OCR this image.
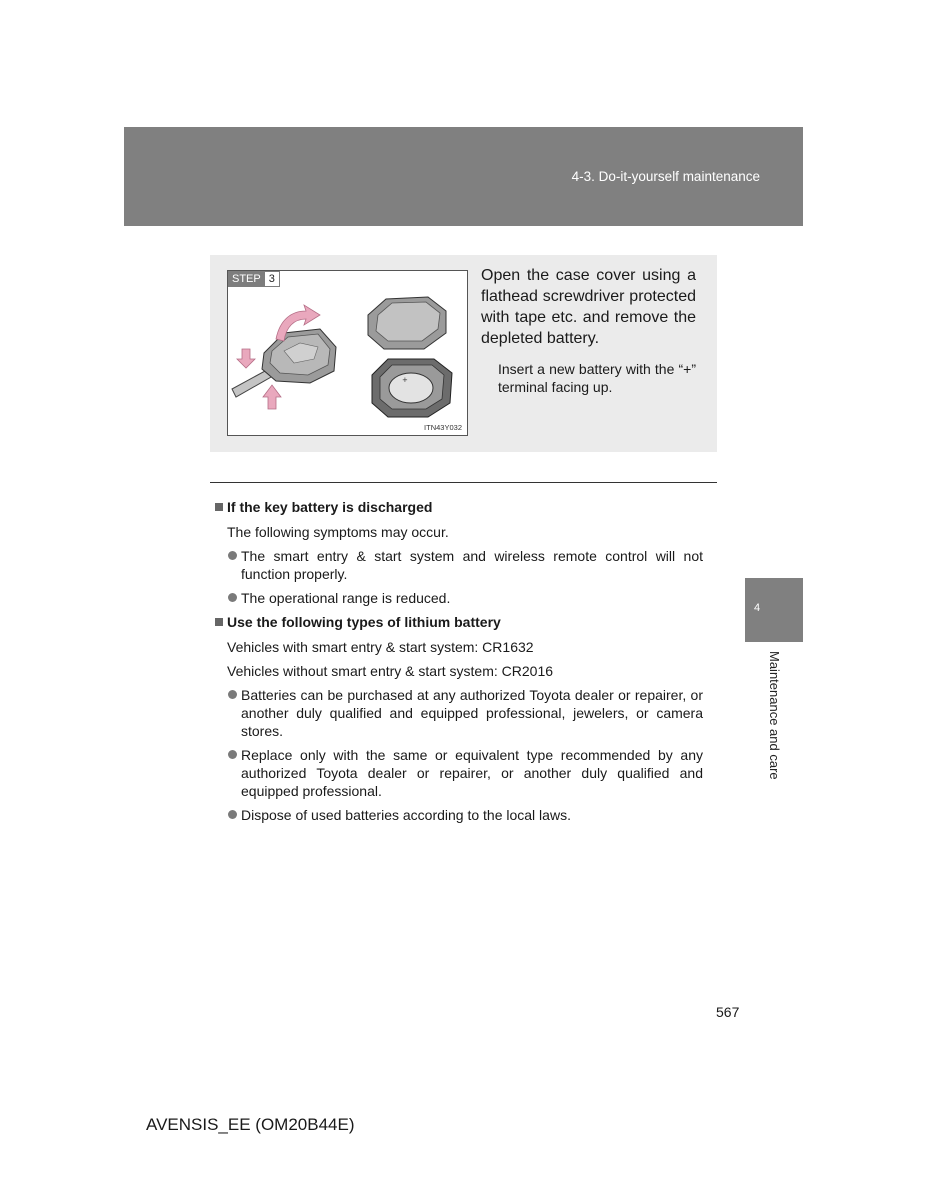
4-3. Do-it-yourself maintenance
STEP 3
+
ITN43Y032
Open the case cover using a flathead screwdriver protected with tape etc. and remove the depleted battery.
Insert a new battery with the “+” terminal facing up.
If the key battery is discharged
The following symptoms may occur.
The smart entry & start system and wireless remote control will not function properly.
The operational range is reduced.
Use the following types of lithium battery
Vehicles with smart entry & start system: CR1632
Vehicles without smart entry & start system: CR2016
Batteries can be purchased at any authorized Toyota dealer or repairer, or another duly qualified and equipped professional, jewelers, or camera stores.
Replace only with the same or equivalent type recommended by any authorized Toyota dealer or repairer, or another duly qualified and equipped professional.
Dispose of used batteries according to the local laws.
4
Maintenance and care
567
AVENSIS_EE (OM20B44E)
